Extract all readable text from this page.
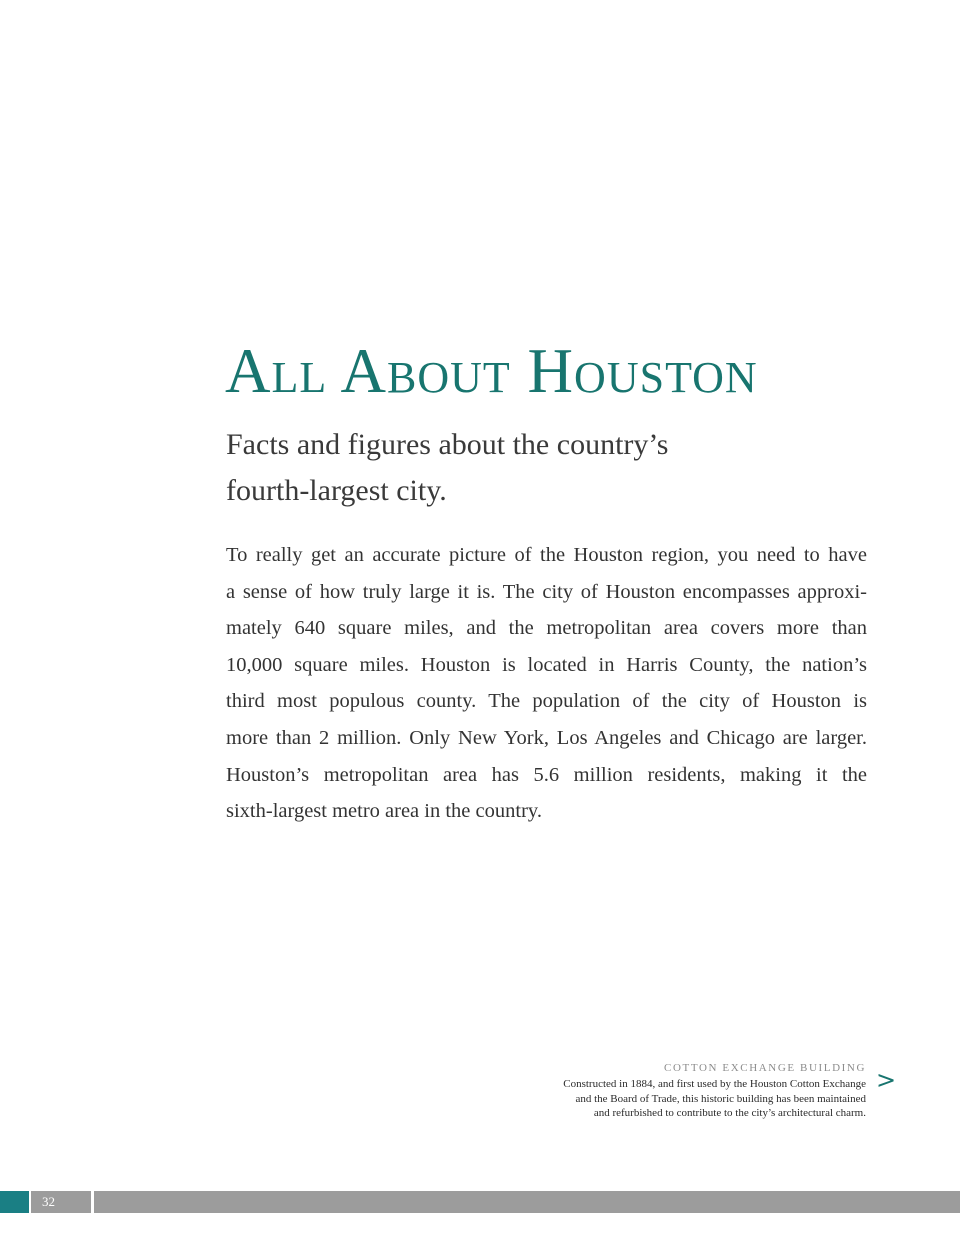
All About Houston
Facts and figures about the country’s
fourth-largest city.
To really get an accurate picture of the Houston region, you need to have
a sense of how truly large it is. The city of Houston encompasses approxi-
mately 640 square miles, and the metropolitan area covers more than
10,000 square miles. Houston is located in Harris County, the nation’s
third most populous county. The population of the city of Houston is
more than 2 million. Only New York, Los Angeles and Chicago are larger.
Houston’s metropolitan area has 5.6 million residents, making it the
sixth-largest metro area in the country.
COTTON EXCHANGE BUILDING
Constructed in 1884, and first used by the Houston Cotton Exchange
and the Board of Trade, this historic building has been maintained
and refurbished to contribute to the city’s architectural charm.
>
32
